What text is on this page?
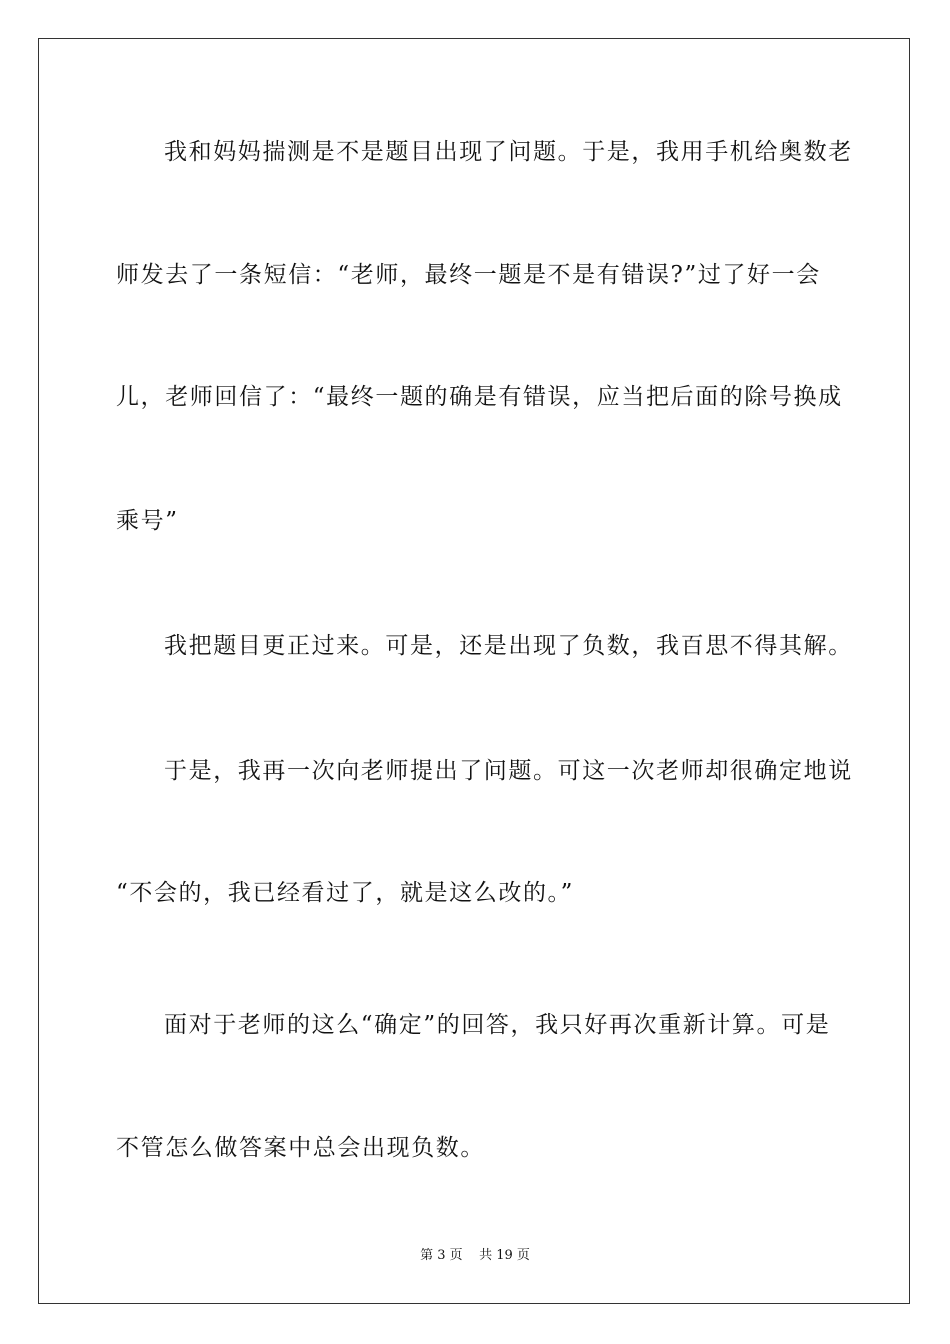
我和妈妈揣测是不是题目出现了问题。于是，我用手机给奥数老
师发去了一条短信：“老师，最终一题是不是有错误?”过了好一会
儿，老师回信了：“最终一题的确是有错误，应当把后面的除号换成
乘号”
我把题目更正过来。可是，还是出现了负数，我百思不得其解。
于是，我再一次向老师提出了问题。可这一次老师却很确定地说
“不会的，我已经看过了，就是这么改的。”
面对于老师的这么“确定”的回答，我只好再次重新计算。可是
不管怎么做答案中总会出现负数。
第 3 页    共 19 页
